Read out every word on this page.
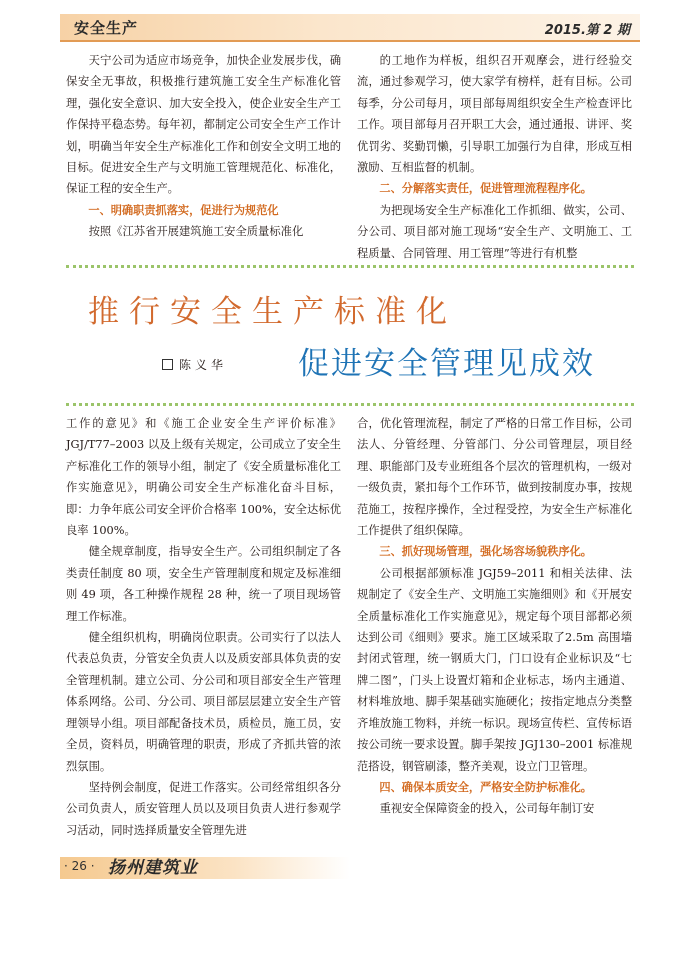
安全生产	2015.第 2 期

天宁公司为适应市场竞争，加快企业发展步伐，确保安全无事故，积极推行建筑施工安全生产标准化管理，强化安全意识、加大安全投入，使企业安全生产工作保持平稳态势。每年初，都制定公司安全生产工作计划，明确当年安全生产标准化工作和创安全文明工地的目标。促进安全生产与文明施工管理规范化、标准化，保证工程的安全生产。

一、明确职责抓落实，促进行为规范化

按照《江苏省开展建筑施工安全质量标准化

的工地作为样板，组织召开观摩会，进行经验交流，通过参观学习，使大家学有榜样，赶有目标。公司每季，分公司每月，项目部每周组织安全生产检查评比工作。项目部每月召开职工大会，通过通报、讲评、奖优罚劣、奖勤罚懒，引导职工加强行为自律，形成互相激励、互相监督的机制。

二、分解落实责任，促进管理流程程序化。

为把现场安全生产标准化工作抓细、做实，公司、分公司、项目部对施工现场“安全生产、文明施工、工程质量、合同管理、用工管理”等进行有机整

推行安全生产标准化
陈义华 促进安全管理见成效

工作的意见》和《施工企业安全生产评价标准》JGJ/T77–2003 以及上级有关规定，公司成立了安全生产标准化工作的领导小组，制定了《安全质量标准化工作实施意见》，明确公司安全生产标准化奋斗目标，即：力争年底公司安全评价合格率 100%，安全达标优良率 100%。

健全规章制度，指导安全生产。公司组织制定了各类责任制度 80 项，安全生产管理制度和规定及标准细则 49 项，各工种操作规程 28 种，统一了项目现场管理工作标准。

健全组织机构，明确岗位职责。公司实行了以法人代表总负责，分管安全负责人以及质安部具体负责的安全管理机制。建立公司、分公司和项目部安全生产管理体系网络。公司、分公司、项目部层层建立安全生产管理领导小组。项目部配备技术员，质检员，施工员，安全员，资料员，明确管理的职责，形成了齐抓共管的浓烈氛围。

坚持例会制度，促进工作落实。公司经常组织各分公司负责人，质安管理人员以及项目负责人进行参观学习活动，同时选择质量安全管理先进

合，优化管理流程，制定了严格的日常工作目标，公司法人、分管经理、分管部门、分公司管理层，项目经理、职能部门及专业班组各个层次的管理机构，一级对一级负责，紧扣每个工作环节，做到按制度办事，按规范施工，按程序操作，全过程受控，为安全生产标准化工作提供了组织保障。

三、抓好现场管理，强化场容场貌秩序化。

公司根据部颁标准 JGJ59–2011 和相关法律、法规制定了《安全生产、文明施工实施细则》和《开展安全质量标准化工作实施意见》，规定每个项目部都必须达到公司《细则》要求。施工区域采取了2.5m 高围墙封闭式管理，统一钢质大门，门口设有企业标识及“七牌二图”，门头上设置灯箱和企业标志，场内主通道、材料堆放地、脚手架基础实施硬化；按指定地点分类整齐堆放施工物料，并统一标识。现场宣传栏、宣传标语按公司统一要求设置。脚手架按 JGJ130–2001 标准规范搭设，钢管刷漆，整齐美观，设立门卫管理。

四、确保本质安全，严格安全防护标准化。

重视安全保障资金的投入，公司每年制订安

· 26 · 扬州建筑业
